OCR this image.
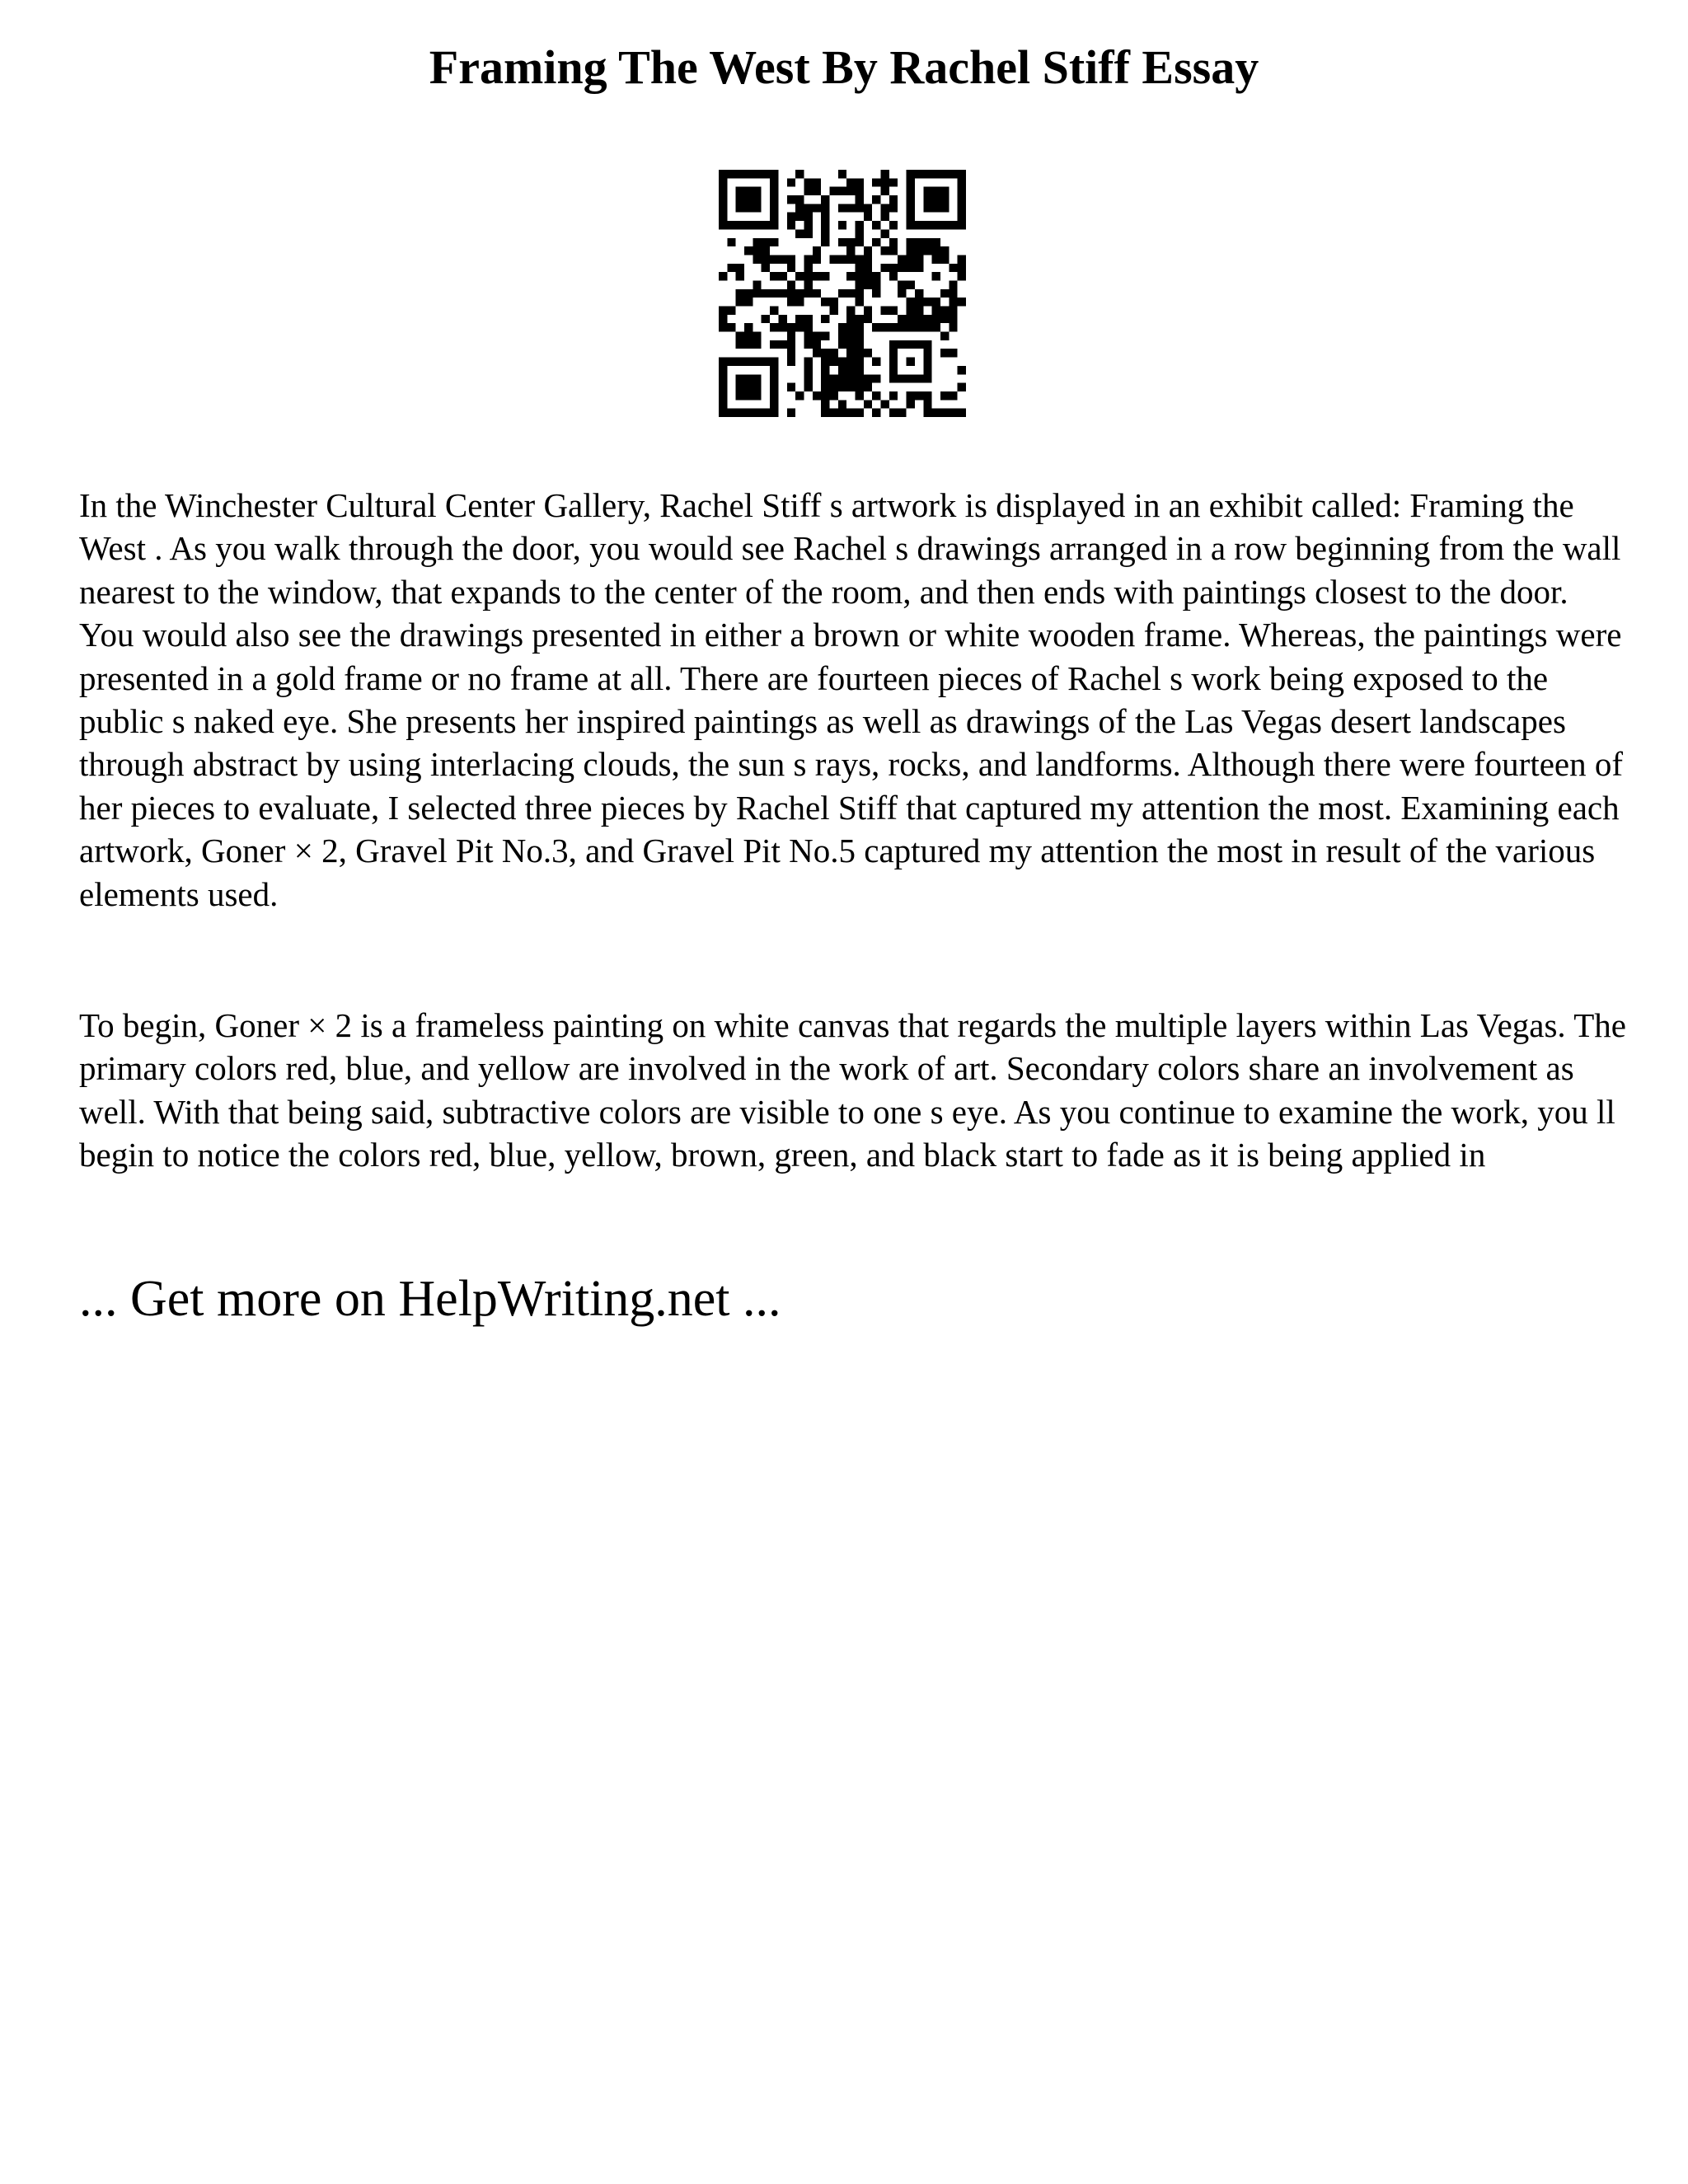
Framing The West By Rachel Stiff Essay

In the Winchester Cultural Center Gallery, Rachel Stiff s artwork is displayed in an exhibit called: Framing the West . As you walk through the door, you would see Rachel s drawings arranged in a row beginning from the wall nearest to the window, that expands to the center of the room, and then ends with paintings closest to the door. You would also see the drawings presented in either a brown or white wooden frame. Whereas, the paintings were presented in a gold frame or no frame at all. There are fourteen pieces of Rachel s work being exposed to the public s naked eye. She presents her inspired paintings as well as drawings of the Las Vegas desert landscapes through abstract by using interlacing clouds, the sun s rays, rocks, and landforms. Although there were fourteen of her pieces to evaluate, I selected three pieces by Rachel Stiff that captured my attention the most. Examining each artwork, Goner × 2, Gravel Pit No.3, and Gravel Pit No.5 captured my attention the most in result of the various elements used.

To begin, Goner × 2 is a frameless painting on white canvas that regards the multiple layers within Las Vegas. The primary colors red, blue, and yellow are involved in the work of art. Secondary colors share an involvement as well. With that being said, subtractive colors are visible to one s eye. As you continue to examine the work, you ll begin to notice the colors red, blue, yellow, brown, green, and black start to fade as it is being applied in

... Get more on HelpWriting.net ...
